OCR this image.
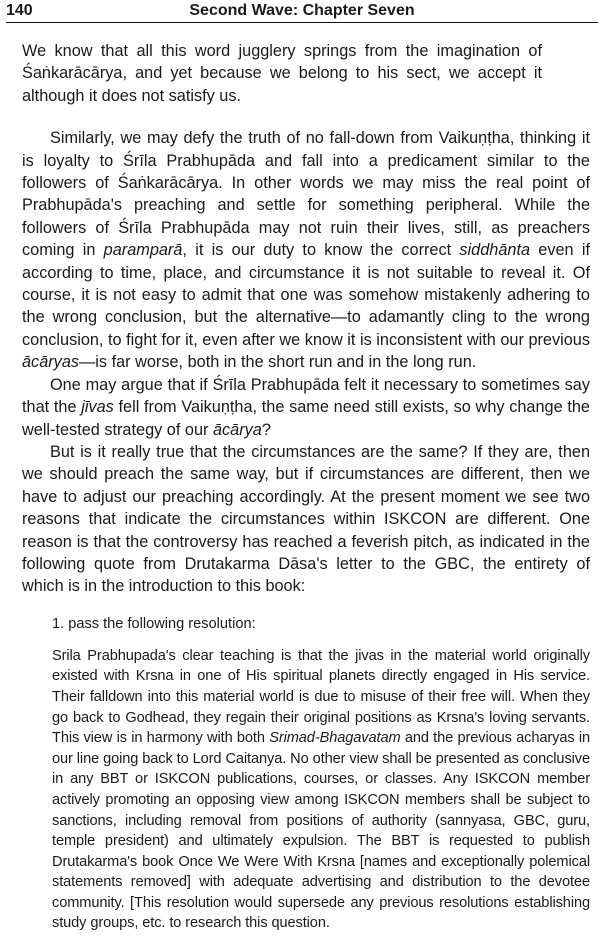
140	Second Wave: Chapter Seven

We know that all this word jugglery springs from the imagination of Śaṅkarācārya, and yet because we belong to his sect, we accept it although it does not satisfy us.

Similarly, we may defy the truth of no fall-down from Vaikuṇṭha, thinking it is loyalty to Śrīla Prabhupāda and fall into a predicament similar to the followers of Śaṅkarācārya. In other words we may miss the real point of Prabhupāda's preaching and settle for something peripheral. While the followers of Śrīla Prabhupāda may not ruin their lives, still, as preachers coming in paramparā, it is our duty to know the correct siddhānta even if according to time, place, and circumstance it is not suitable to reveal it. Of course, it is not easy to admit that one was somehow mistakenly adhering to the wrong conclusion, but the alternative—to adamantly cling to the wrong conclusion, to fight for it, even after we know it is inconsistent with our previous ācāryas—is far worse, both in the short run and in the long run.

One may argue that if Śrīla Prabhupāda felt it necessary to sometimes say that the jīvas fell from Vaikuṇṭha, the same need still exists, so why change the well-tested strategy of our ācārya?

But is it really true that the circumstances are the same? If they are, then we should preach the same way, but if circumstances are different, then we have to adjust our preaching accordingly. At the present moment we see two reasons that indicate the circumstances within ISKCON are different. One reason is that the controversy has reached a feverish pitch, as indicated in the following quote from Drutakarma Dāsa's letter to the GBC, the entirety of which is in the introduction to this book:

1. pass the following resolution:

Srila Prabhupada's clear teaching is that the jivas in the material world originally existed with Krsna in one of His spiritual planets directly engaged in His service. Their falldown into this material world is due to misuse of their free will. When they go back to Godhead, they regain their original positions as Krsna's loving servants. This view is in harmony with both Srimad-Bhagavatam and the previous acharyas in our line going back to Lord Caitanya. No other view shall be presented as conclusive in any BBT or ISKCON publications, courses, or classes. Any ISKCON member actively promoting an opposing view among ISKCON members shall be subject to sanctions, including removal from positions of authority (sannyasa, GBC, guru, temple president) and ultimately expulsion. The BBT is requested to publish Drutakarma's book Once We Were With Krsna [names and exceptionally polemical statements removed] with adequate advertising and distribution to the devotee community. [This resolution would supersede any previous resolutions establishing study groups, etc. to research this question.
